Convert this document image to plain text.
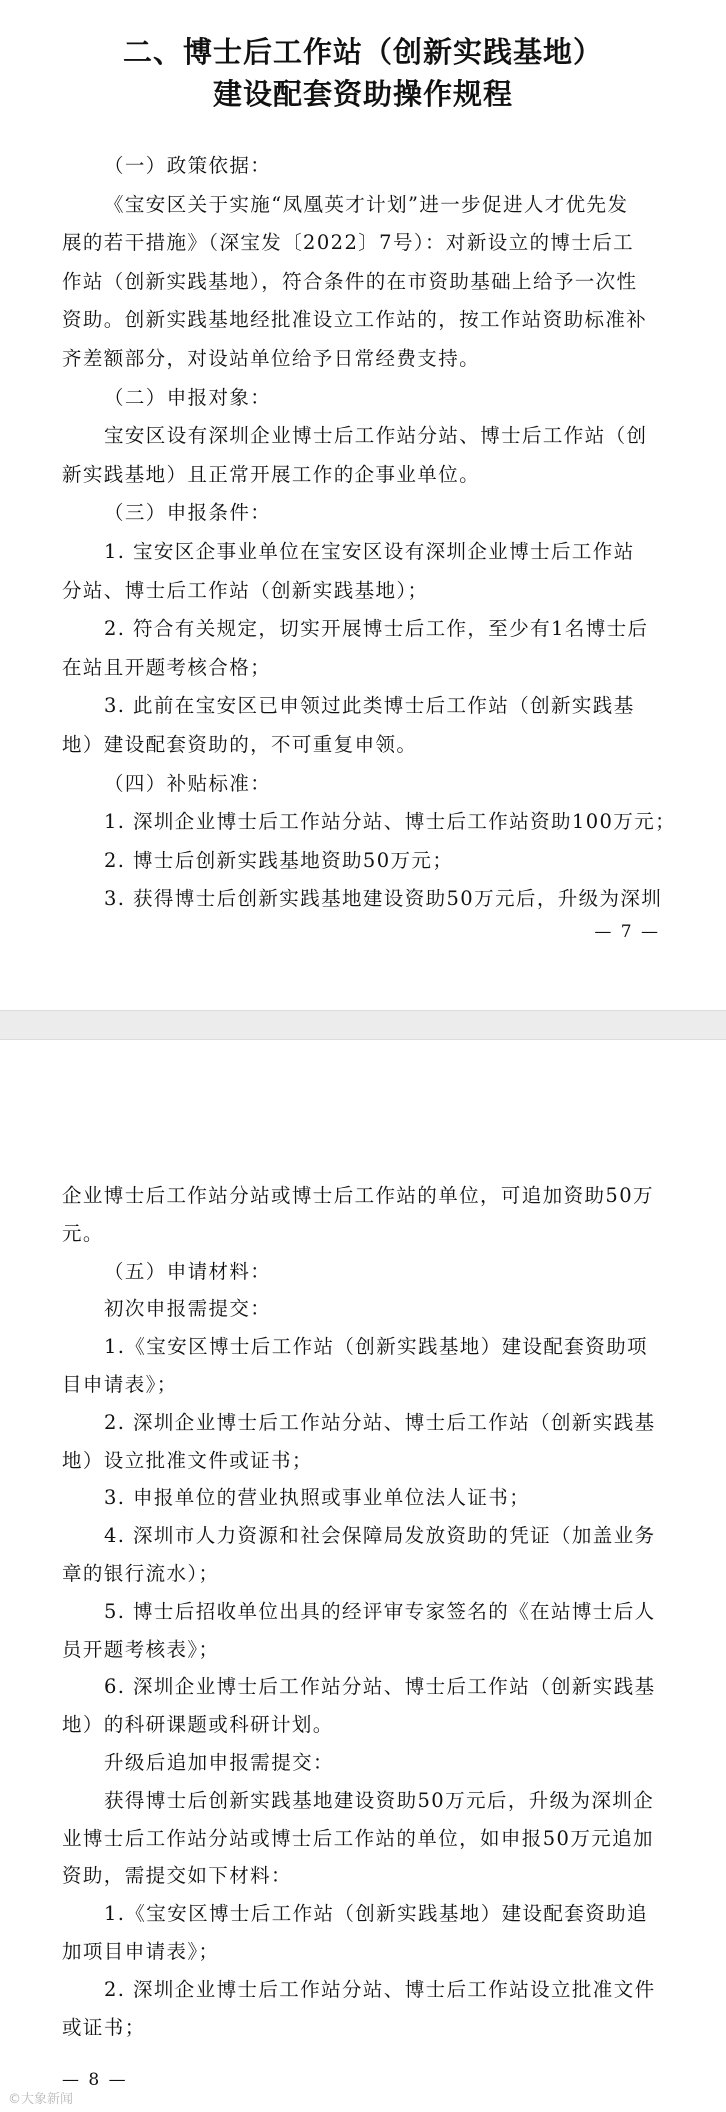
二、博士后工作站（创新实践基地）
建设配套资助操作规程
（一）政策依据：
《宝安区关于实施“凤凰英才计划”进一步促进人才优先发
展的若干措施》（深宝发〔2022〕7号）：对新设立的博士后工
作站（创新实践基地），符合条件的在市资助基础上给予一次性
资助。创新实践基地经批准设立工作站的，按工作站资助标准补
齐差额部分，对设站单位给予日常经费支持。
（二）申报对象：
宝安区设有深圳企业博士后工作站分站、博士后工作站（创
新实践基地）且正常开展工作的企事业单位。
（三）申报条件：
1. 宝安区企事业单位在宝安区设有深圳企业博士后工作站
分站、博士后工作站（创新实践基地）；
2. 符合有关规定，切实开展博士后工作，至少有1名博士后
在站且开题考核合格；
3. 此前在宝安区已申领过此类博士后工作站（创新实践基
地）建设配套资助的，不可重复申领。
（四）补贴标准：
1. 深圳企业博士后工作站分站、博士后工作站资助100万元；
2. 博士后创新实践基地资助50万元；
3. 获得博士后创新实践基地建设资助50万元后，升级为深圳
— 7 —
企业博士后工作站分站或博士后工作站的单位，可追加资助50万
元。
（五）申请材料：
初次申报需提交：
1.《宝安区博士后工作站（创新实践基地）建设配套资助项
目申请表》；
2. 深圳企业博士后工作站分站、博士后工作站（创新实践基
地）设立批准文件或证书；
3. 申报单位的营业执照或事业单位法人证书；
4. 深圳市人力资源和社会保障局发放资助的凭证（加盖业务
章的银行流水）；
5. 博士后招收单位出具的经评审专家签名的《在站博士后人
员开题考核表》；
6. 深圳企业博士后工作站分站、博士后工作站（创新实践基
地）的科研课题或科研计划。
升级后追加申报需提交：
获得博士后创新实践基地建设资助50万元后，升级为深圳企
业博士后工作站分站或博士后工作站的单位，如申报50万元追加
资助，需提交如下材料：
1.《宝安区博士后工作站（创新实践基地）建设配套资助追
加项目申请表》；
2. 深圳企业博士后工作站分站、博士后工作站设立批准文件
或证书；
— 8 —
©大象新闻
